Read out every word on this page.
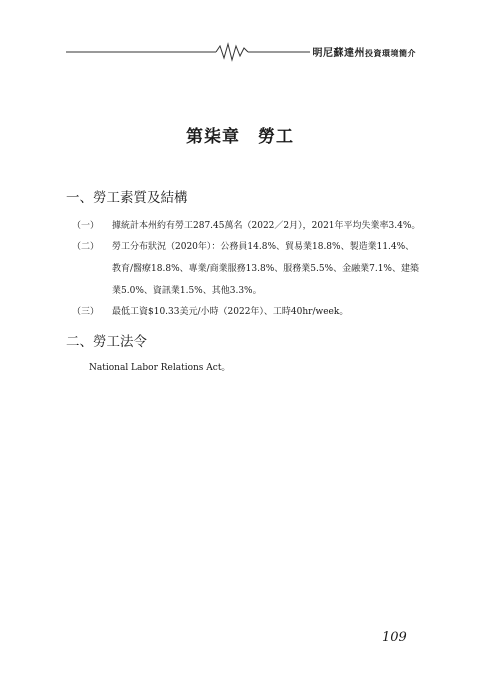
明尼蘇達州投資環境簡介
第柒章　勞工
一、勞工素質及結構
（一） 據統計本州約有勞工287.45萬名（2022／2月），2021年平均失業率3.4%。
（二） 勞工分布狀況（2020年）：公務員14.8%、貿易業18.8%、製造業11.4%、
教育/醫療18.8%、專業/商業服務13.8%、服務業5.5%、金融業7.1%、建築
業5.0%、資訊業1.5%、其他3.3%。
（三） 最低工資$10.33美元/小時（2022年）、工時40hr/week。
二、勞工法令
National Labor Relations Act。
109
